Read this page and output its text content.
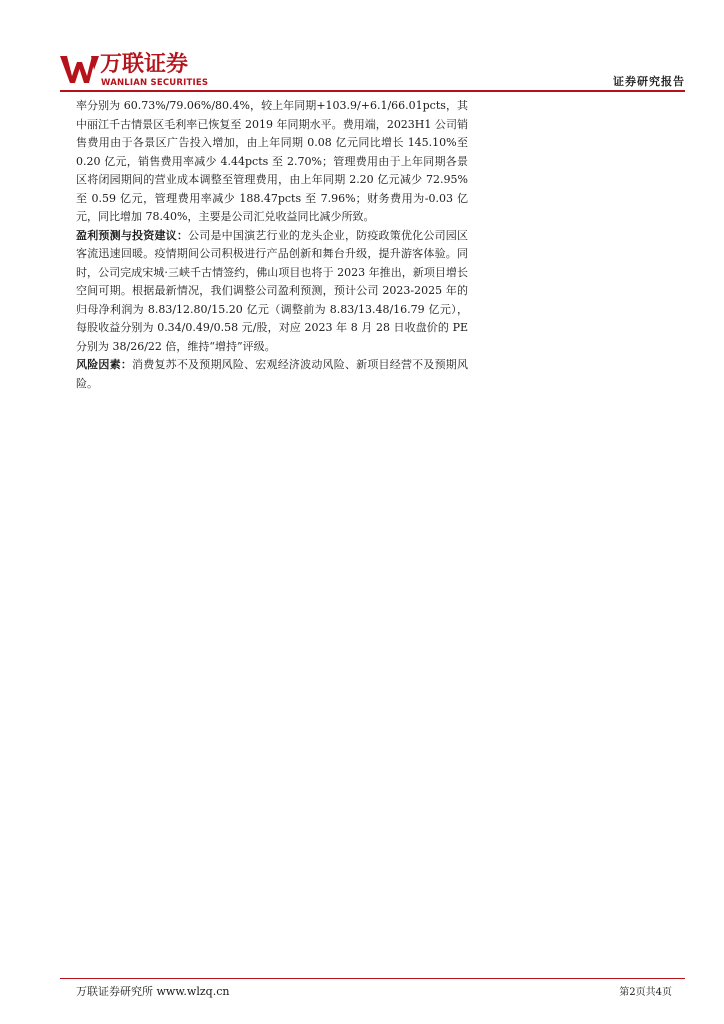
万联证券
WANLIAN SECURITIES	证券研究报告

率分别为 60.73%/79.06%/80.4%，较上年同期+103.9/+6.1/66.01pcts，其中丽江千古情景区毛利率已恢复至 2019 年同期水平。费用端，2023H1 公司销售费用由于各景区广告投入增加，由上年同期 0.08 亿元同比增长 145.10%至 0.20 亿元，销售费用率减少 4.44pcts 至 2.70%；管理费用由于上年同期各景区将闭园期间的营业成本调整至管理费用，由上年同期 2.20 亿元减少 72.95%至 0.59 亿元，管理费用率减少 188.47pcts 至 7.96%；财务费用为-0.03 亿元，同比增加 78.40%，主要是公司汇兑收益同比减少所致。

盈利预测与投资建议：公司是中国演艺行业的龙头企业，防疫政策优化公司园区客流迅速回暖。疫情期间公司积极进行产品创新和舞台升级，提升游客体验。同时，公司完成宋城·三峡千古情签约，佛山项目也将于 2023 年推出，新项目增长空间可期。根据最新情况，我们调整公司盈利预测，预计公司 2023-2025 年的归母净利润为 8.83/12.80/15.20 亿元（调整前为 8.83/13.48/16.79 亿元），每股收益分别为 0.34/0.49/0.58 元/股，对应 2023 年 8 月 28 日收盘价的 PE 分别为 38/26/22 倍，维持“增持”评级。

风险因素：消费复苏不及预期风险、宏观经济波动风险、新项目经营不及预期风险。

万联证券研究所 www.wlzq.cn	第2页共4页
